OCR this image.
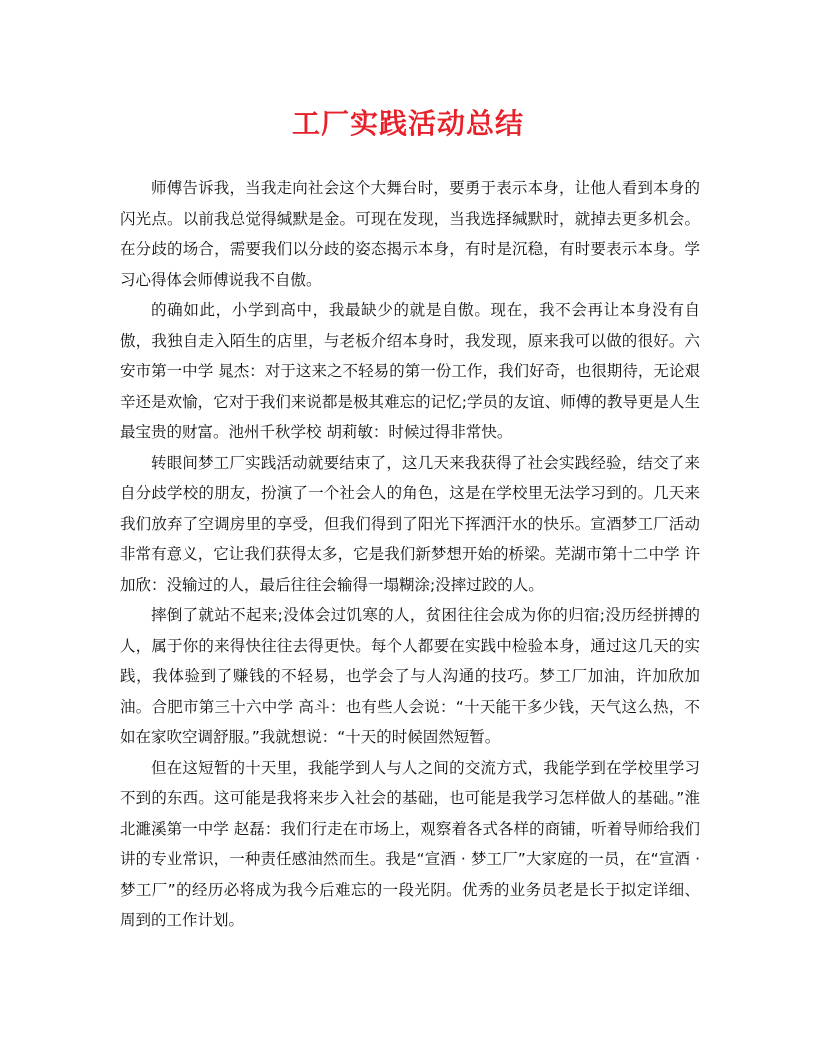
工厂实践活动总结

师傅告诉我，当我走向社会这个大舞台时，要勇于表示本身，让他人看到本身的闪光点。以前我总觉得缄默是金。可现在发现，当我选择缄默时，就掉去更多机会。在分歧的场合，需要我们以分歧的姿态揭示本身，有时是沉稳，有时要表示本身。学习心得体会师傅说我不自傲。

的确如此，小学到高中，我最缺少的就是自傲。现在，我不会再让本身没有自傲，我独自走入陌生的店里，与老板介绍本身时，我发现，原来我可以做的很好。六安市第一中学 晁杰：对于这来之不轻易的第一份工作，我们好奇，也很期待，无论艰辛还是欢愉，它对于我们来说都是极其难忘的记忆;学员的友谊、师傅的教导更是人生最宝贵的财富。池州千秋学校 胡莉敏：时候过得非常快。

转眼间梦工厂实践活动就要结束了，这几天来我获得了社会实践经验，结交了来自分歧学校的朋友，扮演了一个社会人的角色，这是在学校里无法学习到的。几天来我们放弃了空调房里的享受，但我们得到了阳光下挥洒汗水的快乐。宣酒梦工厂活动非常有意义，它让我们获得太多，它是我们新梦想开始的桥梁。芜湖市第十二中学 许加欣：没输过的人，最后往往会输得一塌糊涂;没摔过跤的人。

摔倒了就站不起来;没体会过饥寒的人，贫困往往会成为你的归宿;没历经拼搏的人，属于你的来得快往往去得更快。每个人都要在实践中检验本身，通过这几天的实践，我体验到了赚钱的不轻易，也学会了与人沟通的技巧。梦工厂加油，许加欣加油。合肥市第三十六中学 高斗：也有些人会说：“十天能干多少钱，天气这么热，不如在家吹空调舒服。”我就想说：“十天的时候固然短暂。

但在这短暂的十天里，我能学到人与人之间的交流方式，我能学到在学校里学习不到的东西。这可能是我将来步入社会的基础，也可能是我学习怎样做人的基础。”淮北濉溪第一中学 赵磊：我们行走在市场上，观察着各式各样的商铺，听着导师给我们讲的专业常识，一种责任感油然而生。我是“宣酒 · 梦工厂”大家庭的一员，在“宣酒 · 梦工厂”的经历必将成为我今后难忘的一段光阴。优秀的业务员老是长于拟定详细、周到的工作计划。
